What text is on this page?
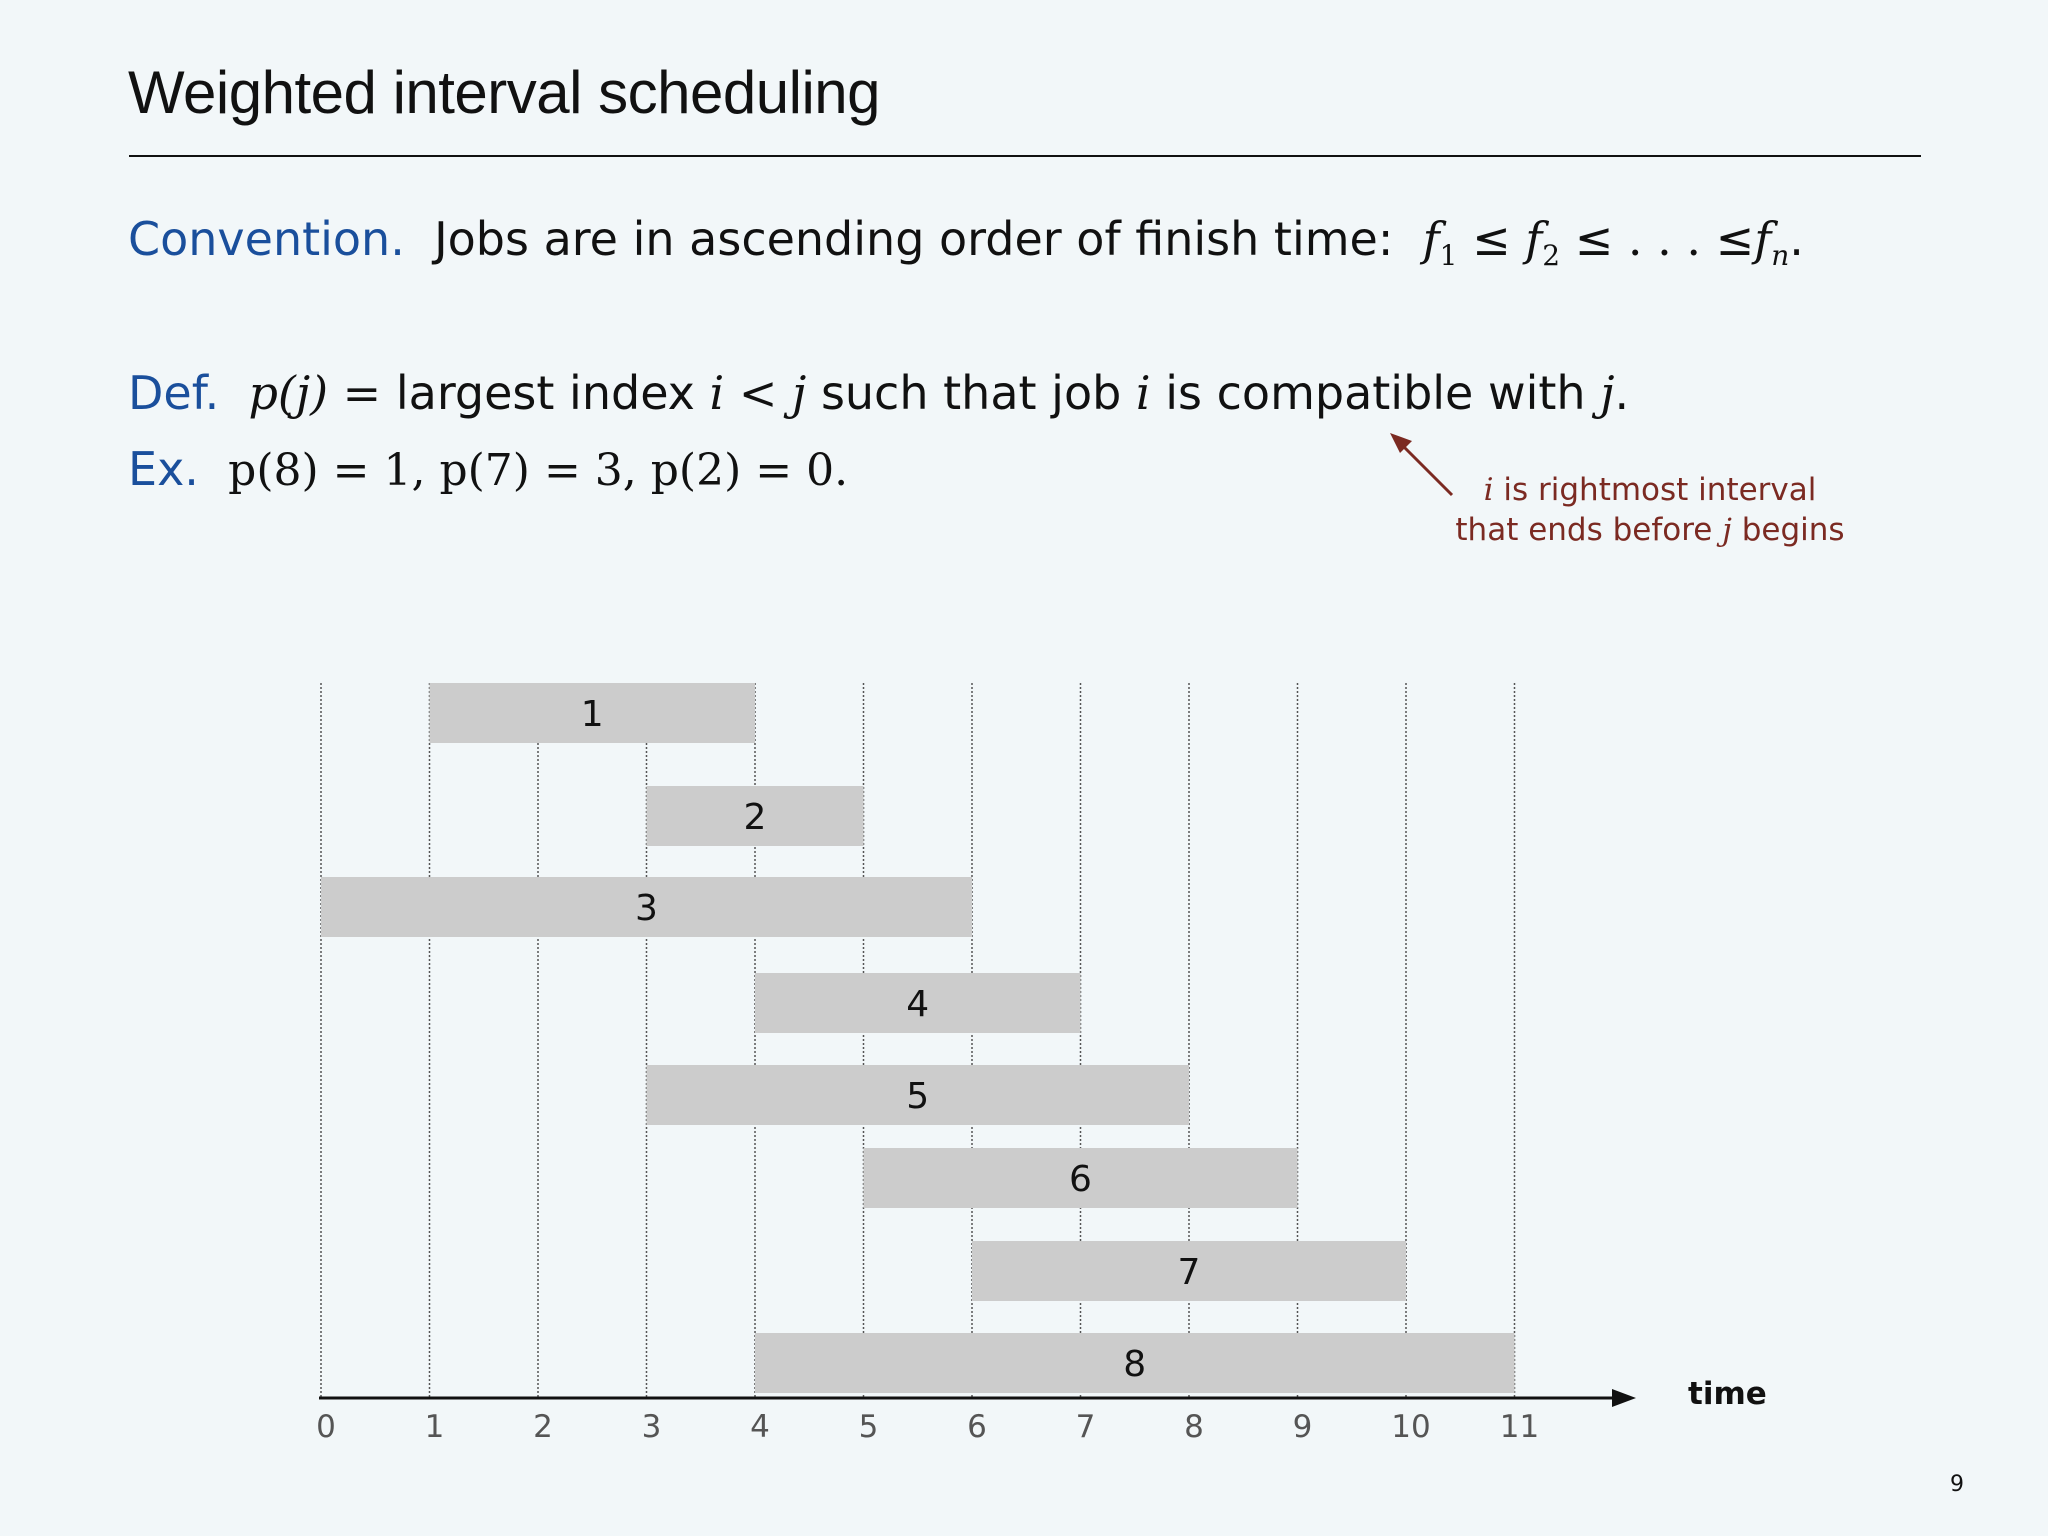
Weighted interval scheduling
Convention. Jobs are in ascending order of finish time: $f_1 \le f_2$ ≤ . . . $\le f_n$.
Def. p(j) = largest index i < j such that job i is compatible with j.
Ex. p(8) = 1, p(7) = 3, p(2) = 0.	i is rightmost interval
that ends before j begins
1
2
3
4
5
6
7
8
0	1	2	3	4	5	6	7	8	9	10 11
time
9
